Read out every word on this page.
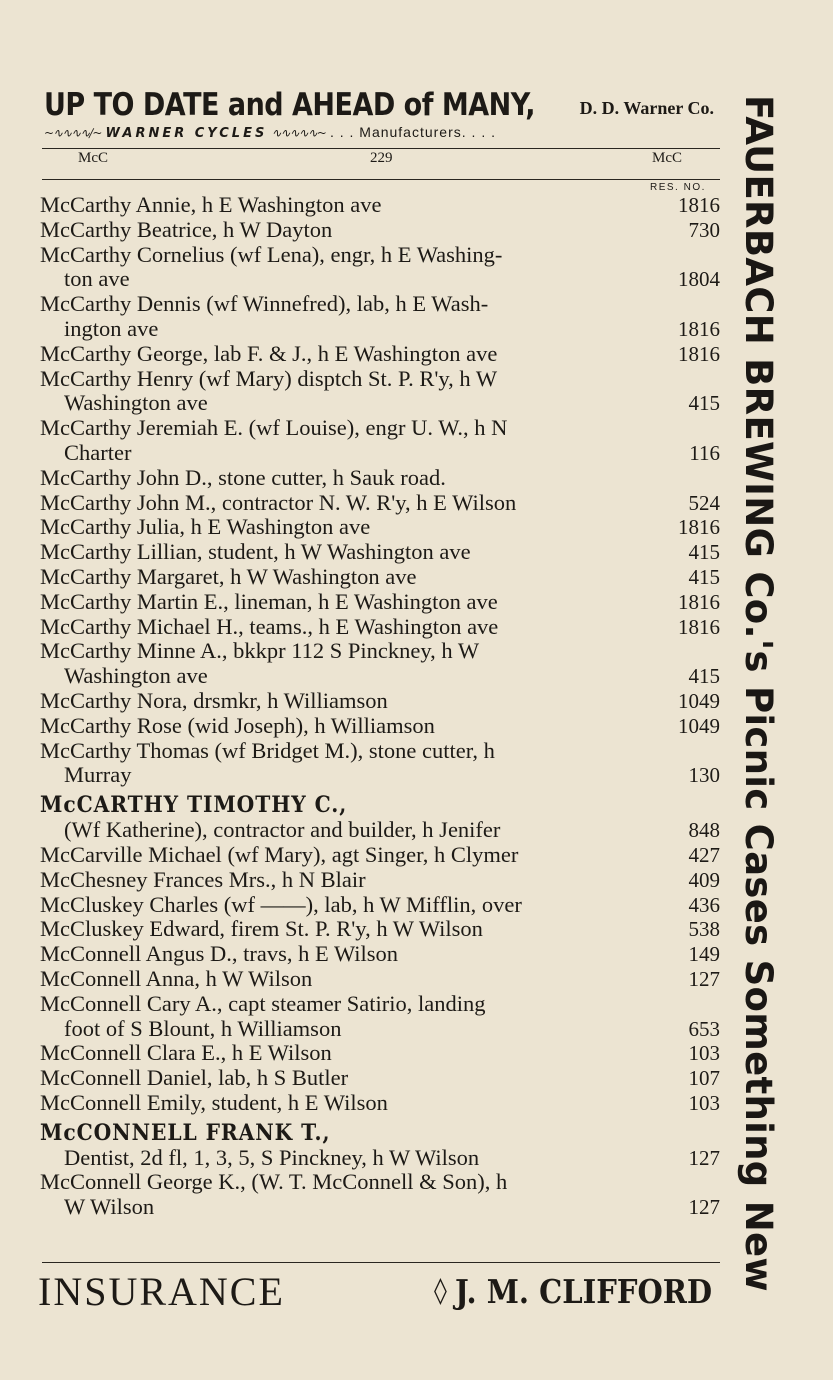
UP TO DATE and AHEAD of MANY, D. D. Warner Co.
~∿∿∿∿∕~ WARNER CYCLES ∿∿∿∿∿~ . . . Manufacturers. . . .
McC	229	McC
RES. NO.
McCarthy Annie, h E Washington ave	1816
McCarthy Beatrice, h W Dayton	730
McCarthy Cornelius (wf Lena), engr, h E Washing-
ton ave	1804
McCarthy Dennis (wf Winnefred), lab, h E Wash-
ington ave	1816
McCarthy George, lab F. & J., h E Washington ave	1816
McCarthy Henry (wf Mary) disptch St. P. R'y, h W
Washington ave	415
McCarthy Jeremiah E. (wf Louise), engr U. W., h N
Charter	116
McCarthy John D., stone cutter, h Sauk road.
McCarthy John M., contractor N. W. R'y, h E Wilson	524
McCarthy Julia, h E Washington ave	1816
McCarthy Lillian, student, h W Washington ave	415
McCarthy Margaret, h W Washington ave	415
McCarthy Martin E., lineman, h E Washington ave	1816
McCarthy Michael H., teams., h E Washington ave	1816
McCarthy Minne A., bkkpr 112 S Pinckney, h W
Washington ave	415
McCarthy Nora, drsmkr, h Williamson	1049
McCarthy Rose (wid Joseph), h Williamson	1049
McCarthy Thomas (wf Bridget M.), stone cutter, h
Murray	130
McCARTHY TIMOTHY C.,
(Wf Katherine), contractor and builder, h Jenifer	848
McCarville Michael (wf Mary), agt Singer, h Clymer	427
McChesney Frances Mrs., h N Blair	409
McCluskey Charles (wf ——), lab, h W Mifflin, over	436
McCluskey Edward, firem St. P. R'y, h W Wilson	538
McConnell Angus D., travs, h E Wilson	149
McConnell Anna, h W Wilson	127
McConnell Cary A., capt steamer Satirio, landing
foot of S Blount, h Williamson	653
McConnell Clara E., h E Wilson	103
McConnell Daniel, lab, h S Butler	107
McConnell Emily, student, h E Wilson	103
McCONNELL FRANK T.,
Dentist, 2d fl, 1, 3, 5, S Pinckney, h W Wilson	127
McConnell George K., (W. T. McConnell & Son), h
W Wilson	127
INSURANCE	◊ J. M. CLIFFORD FAUERBACH BREWING Co.'s Picnic Cases Something New
